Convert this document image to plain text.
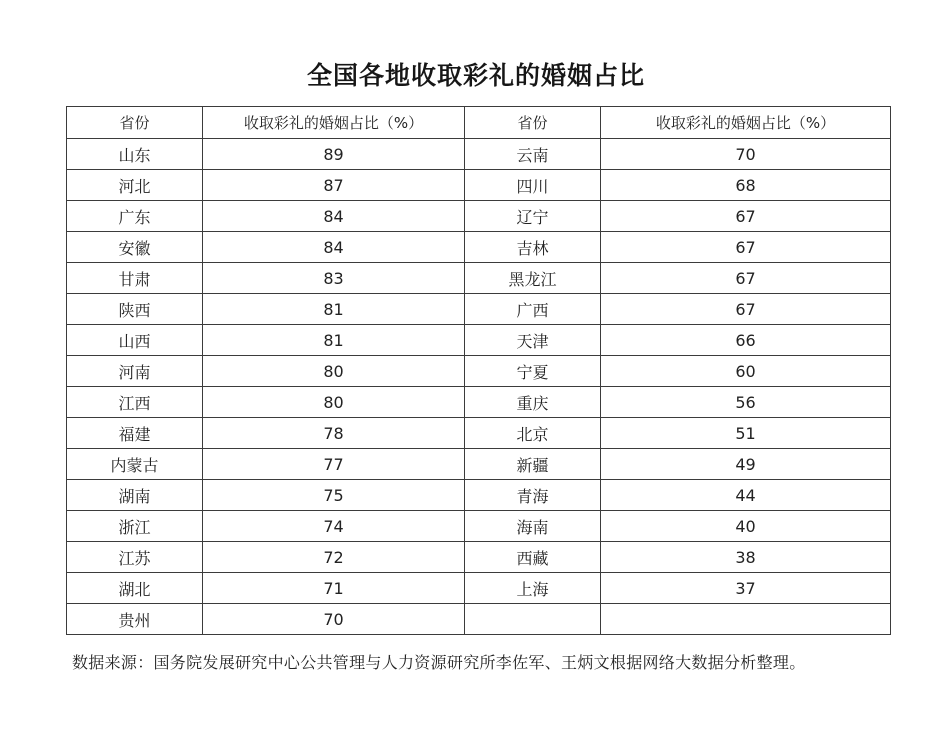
全国各地收取彩礼的婚姻占比
省份	收取彩礼的婚姻占比（%）	省份	收取彩礼的婚姻占比（%）
山东	89	云南	70
河北	87	四川	68
广东	84	辽宁	67
安徽	84	吉林	67
甘肃	83	黑龙江	67
陕西	81	广西	67
山西	81	天津	66
河南	80	宁夏	60
江西	80	重庆	56
福建	78	北京	51
内蒙古	77	新疆	49
湖南	75	青海	44
浙江	74	海南	40
江苏	72	西藏	38
湖北	71	上海	37
贵州	70		
数据来源：国务院发展研究中心公共管理与人力资源研究所李佐军、王炳文根据网络大数据分析整理。
